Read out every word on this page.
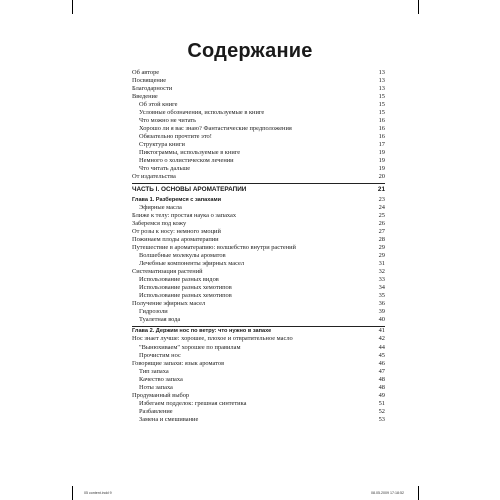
Содержание
Об авторе	13
Посвящение	13
Благодарности	13
Введение	15
Об этой книге	15
Условные обозначения, используемые в книге	15
Что можно не читать	16
Хорошо ли я вас знаю? Фантастические предположения	16
Обязательно прочтите это!	16
Структура книги	17
Пиктограммы, используемые в книге	19
Немного о холистическом лечении	19
Что читать дальше	19
От издательства	20
ЧАСТЬ I. ОСНОВЫ АРОМАТЕРАПИИ	21
Глава 1. Разберемся с запахами	23
Эфирные масла	24
Ближе к телу: простая наука о запахах	25
Заберемся под кожу	26
От розы к носу: немного эмоций	27
Пожинаем плоды ароматерапии	28
Путешествие в ароматерапию: волшебство внутри растений	29
Волшебные молекулы ароматов	29
Лечебные компоненты эфирных масел	31
Систематизация растений	32
Использование разных видов	33
Использование разных хемотипов	34
Использование разных хемотипов	35
Получение эфирных масел	36
Гидрозоли	39
Туалетная вода	40
Глава 2. Держим нос по ветру: что нужно в запахе	41
Нос знает лучше: хорошее, плохое и отвратительное масло	42
"Вынюхиваем" хорошее по правилам	44
Прочистим нос	45
Говорящие запахи: язык ароматов	46
Тип запаха	47
Качество запаха	48
Ноты запаха	48
Продуманный выбор	49
Избегаем подделок: грешная синтетика	51
Разбавление	52
Замена и смешивание	53
05 content.indd 9	08.05.2009 17:18:52
